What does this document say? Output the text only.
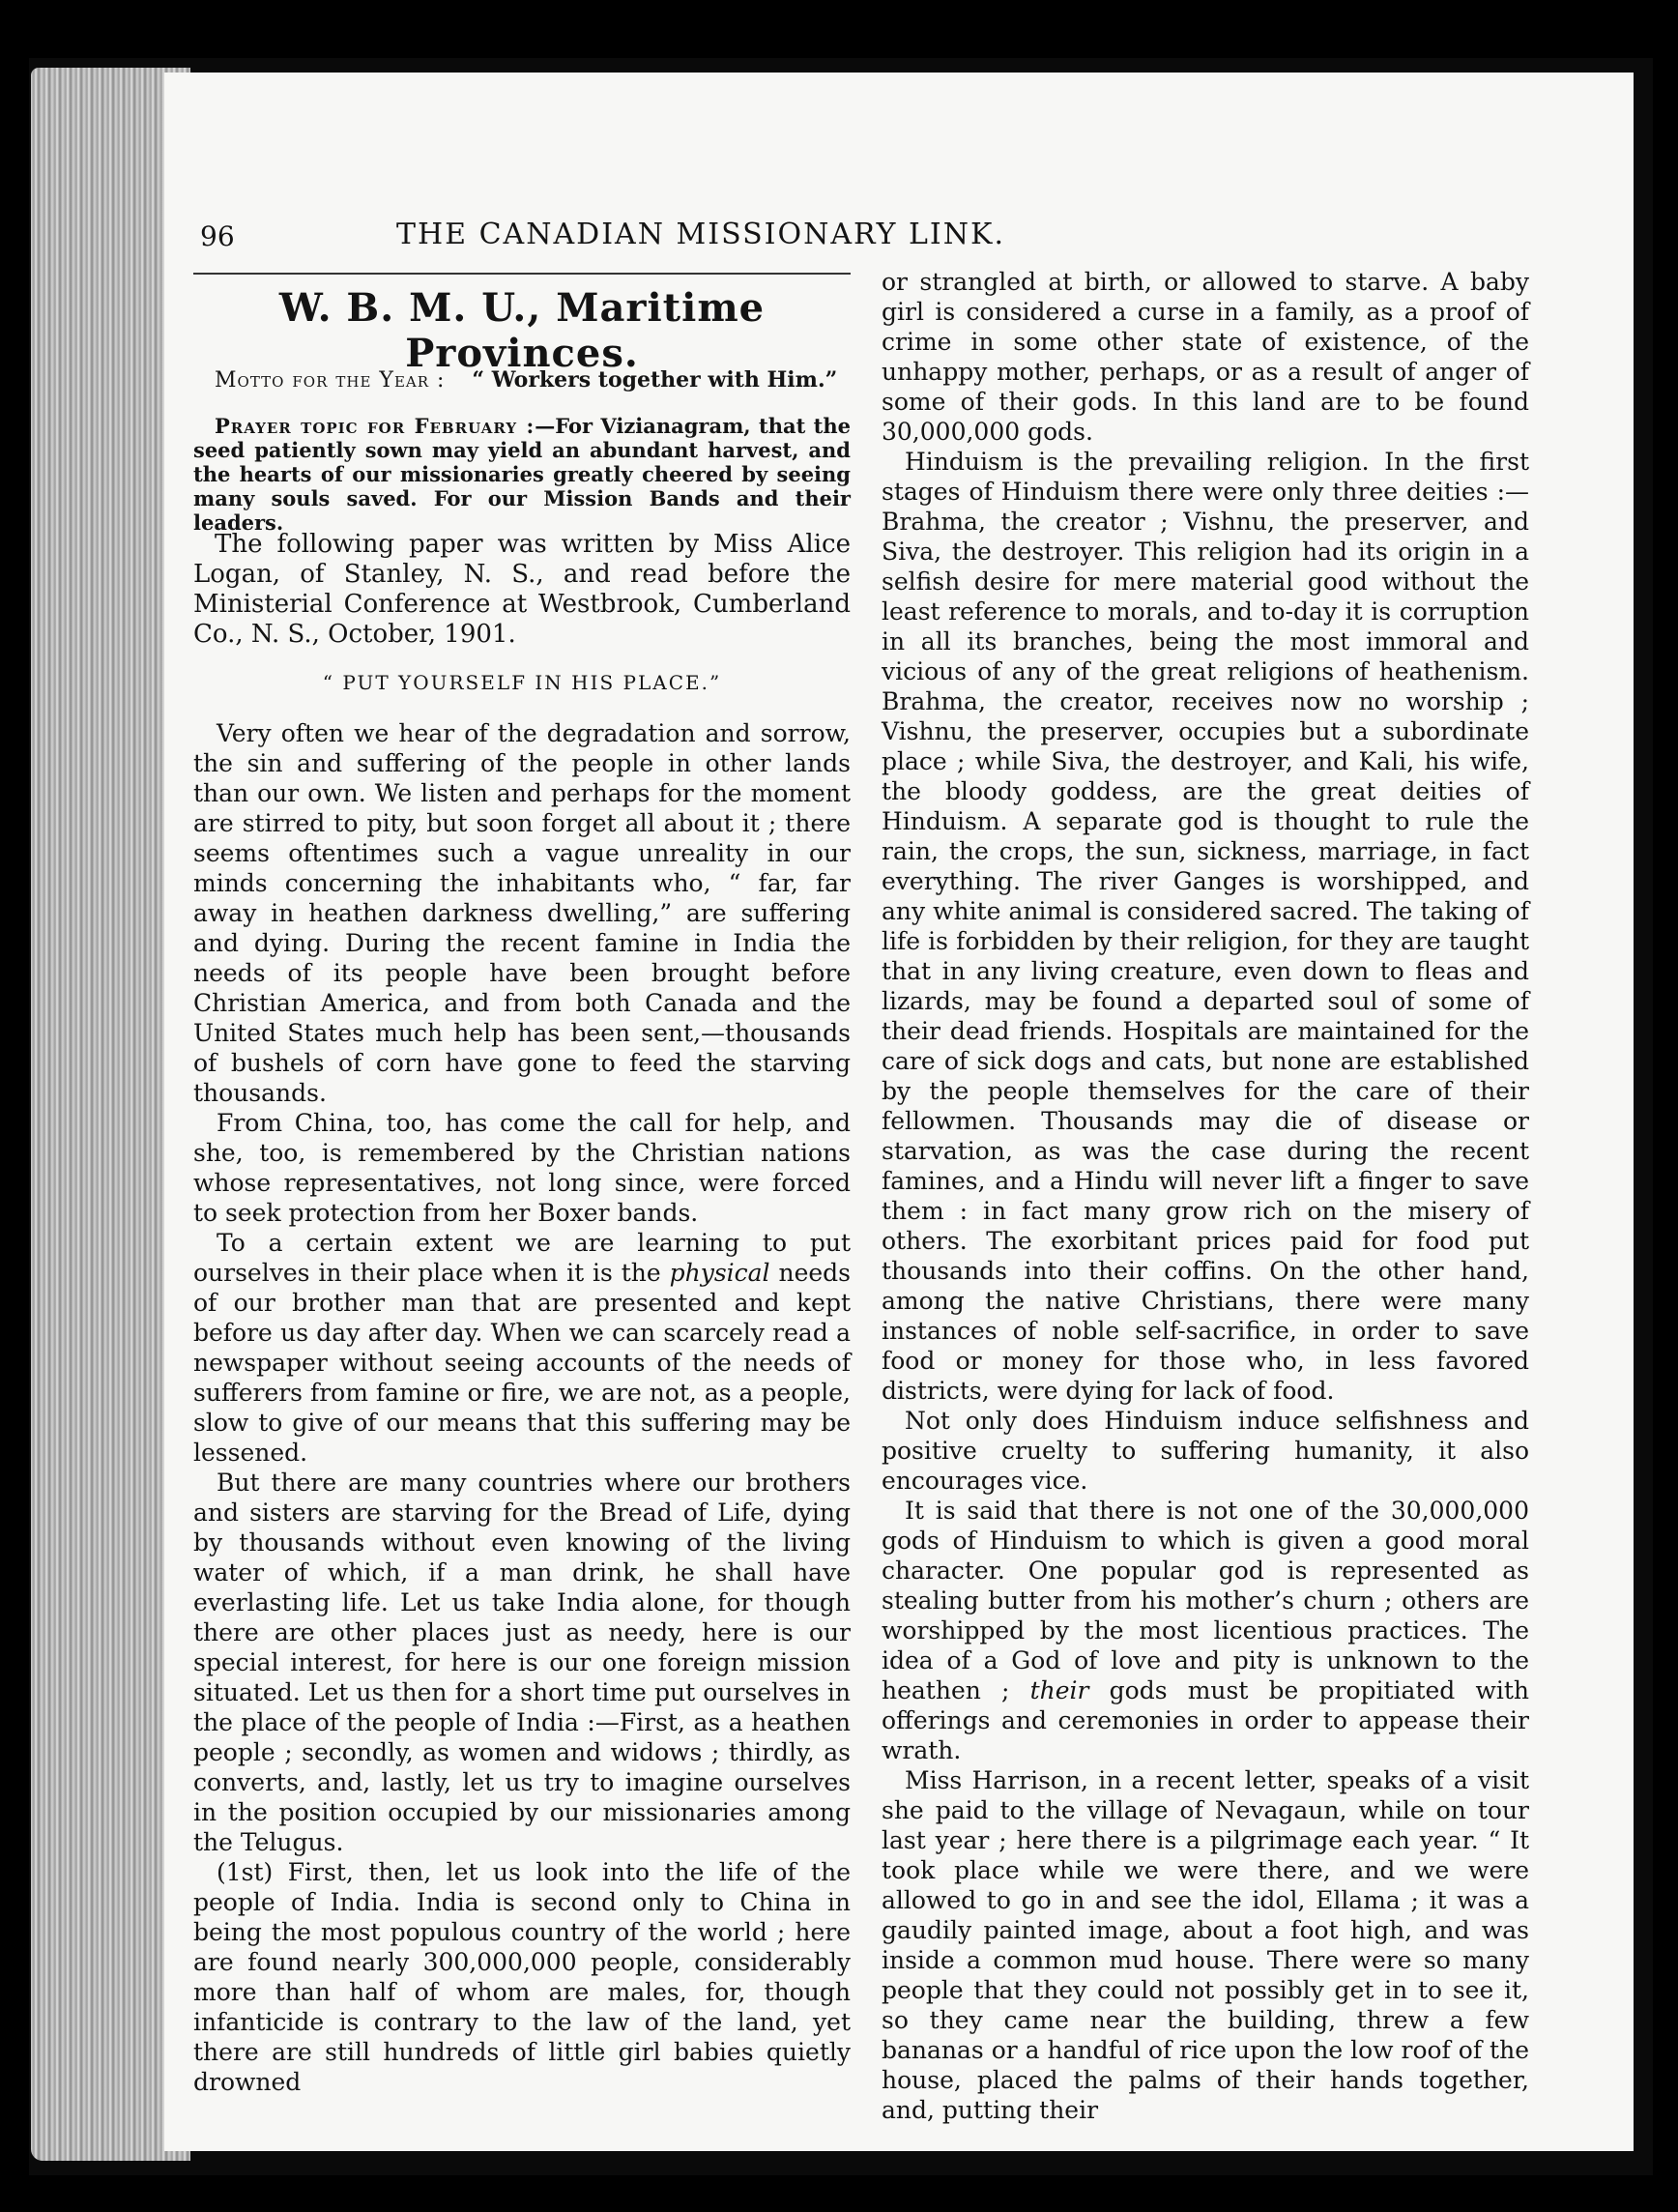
96	THE CANADIAN MISSIONARY LINK.
W. B. M. U., Maritime Provinces.
Motto for the Year : “ Workers together with Him.”

Prayer topic for February :—For Vizianagram, that the seed patiently sown may yield an abundant harvest, and the hearts of our missionaries greatly cheered by seeing many souls saved. For our Mission Bands and their leaders.

The following paper was written by Miss Alice Logan, of Stanley, N. S., and read before the Ministerial Conference at Westbrook, Cumberland Co., N. S., October, 1901.

“ PUT YOURSELF IN HIS PLACE.”

Very often we hear of the degradation and sorrow, the sin and suffering of the people in other lands than our own. We listen and perhaps for the moment are stirred to pity, but soon forget all about it ; there seems oftentimes such a vague unreality in our minds concerning the inhabitants who, “ far, far away in heathen darkness dwelling,” are suffering and dying. During the recent famine in India the needs of its people have been brought before Christian America, and from both Canada and the United States much help has been sent,—thousands of bushels of corn have gone to feed the starving thousands.

From China, too, has come the call for help, and she, too, is remembered by the Christian nations whose representatives, not long since, were forced to seek protection from her Boxer bands.

To a certain extent we are learning to put ourselves in their place when it is the physical needs of our brother man that are presented and kept before us day after day. When we can scarcely read a newspaper without seeing accounts of the needs of sufferers from famine or fire, we are not, as a people, slow to give of our means that this suffering may be lessened.

But there are many countries where our brothers and sisters are starving for the Bread of Life, dying by thousands without even knowing of the living water of which, if a man drink, he shall have everlasting life. Let us take India alone, for though there are other places just as needy, here is our special interest, for here is our one foreign mission situated. Let us then for a short time put ourselves in the place of the people of India :—First, as a heathen people ; secondly, as women and widows ; thirdly, as converts, and, lastly, let us try to imagine ourselves in the position occupied by our missionaries among the Telugus.

(1st) First, then, let us look into the life of the people of India. India is second only to China in being the most populous country of the world ; here are found nearly 300,000,000 people, considerably more than half of whom are males, for, though infanticide is contrary to the law of the land, yet there are still hundreds of little girl babies quietly drowned

or strangled at birth, or allowed to starve. A baby girl is considered a curse in a family, as a proof of crime in some other state of existence, of the unhappy mother, perhaps, or as a result of anger of some of their gods. In this land are to be found 30,000,000 gods.

Hinduism is the prevailing religion. In the first stages of Hinduism there were only three deities :—Brahma, the creator ; Vishnu, the preserver, and Siva, the destroyer. This religion had its origin in a selfish desire for mere material good without the least reference to morals, and to-day it is corruption in all its branches, being the most immoral and vicious of any of the great religions of heathenism. Brahma, the creator, receives now no worship ; Vishnu, the preserver, occupies but a subordinate place ; while Siva, the destroyer, and Kali, his wife, the bloody goddess, are the great deities of Hinduism. A separate god is thought to rule the rain, the crops, the sun, sickness, marriage, in fact everything. The river Ganges is worshipped, and any white animal is considered sacred. The taking of life is forbidden by their religion, for they are taught that in any living creature, even down to fleas and lizards, may be found a departed soul of some of their dead friends. Hospitals are maintained for the care of sick dogs and cats, but none are established by the people themselves for the care of their fellowmen. Thousands may die of disease or starvation, as was the case during the recent famines, and a Hindu will never lift a finger to save them : in fact many grow rich on the misery of others. The exorbitant prices paid for food put thousands into their coffins. On the other hand, among the native Christians, there were many instances of noble self-sacrifice, in order to save food or money for those who, in less favored districts, were dying for lack of food.

Not only does Hinduism induce selfishness and positive cruelty to suffering humanity, it also encourages vice.

It is said that there is not one of the 30,000,000 gods of Hinduism to which is given a good moral character. One popular god is represented as stealing butter from his mother’s churn ; others are worshipped by the most licentious practices. The idea of a God of love and pity is unknown to the heathen ; their gods must be propitiated with offerings and ceremonies in order to appease their wrath.

Miss Harrison, in a recent letter, speaks of a visit she paid to the village of Nevagaun, while on tour last year ; here there is a pilgrimage each year. “ It took place while we were there, and we were allowed to go in and see the idol, Ellama ; it was a gaudily painted image, about a foot high, and was inside a common mud house. There were so many people that they could not possibly get in to see it, so they came near the building, threw a few bananas or a handful of rice upon the low roof of the house, placed the palms of their hands together, and, putting their
